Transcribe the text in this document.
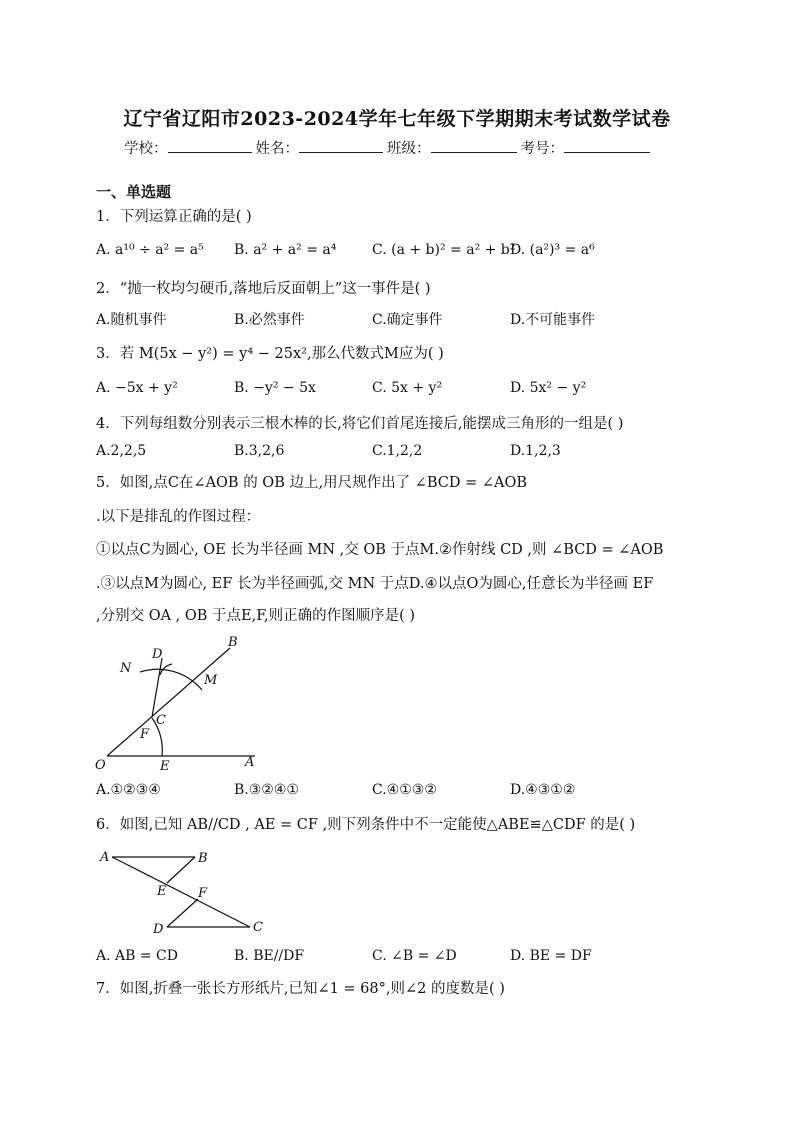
辽宁省辽阳市2023-2024学年七年级下学期期末考试数学试卷
学校：	姓名：	班级：	考号：
一、单选题
1．下列运算正确的是( )
A. a¹⁰ ÷ a² = a⁵ B. a² + a² = a⁴	C. (a + b)² = a² + b²
D. (a²)³ = a⁶
2．“抛一枚均匀硬币,落地后反面朝上”这一事件是( )
A.随机事件	B.必然事件	C.确定事件	D.不可能事件
3．若 M(5x − y²) = y⁴ − 25x²,那么代数式M应为( )
A. −5x + y²	B. −y² − 5x	C. 5x + y²	D. 5x² − y²
4．下列每组数分别表示三根木棒的长,将它们首尾连接后,能摆成三角形的一组是( )
A.2,2,5	B.3,2,6	C.1,2,2	D.1,2,3
5．如图,点C在∠AOB 的 OB 边上,用尺规作出了 ∠BCD = ∠AOB
.以下是排乱的作图过程：
①以点C为圆心, OE 长为半径画 MN ,交 OB 于点M.②作射线 CD ,则 ∠BCD = ∠AOB
.③以点M为圆心, EF 长为半径画弧,交 MN 于点D.④以点O为圆心,任意长为半径画 EF
,分别交 OA , OB 于点E,F,则正确的作图顺序是( )
B
N
D
M
C
F
O	E	A
A.①②③④	B.③②④①	C.④①③②	D.④③①②
6．如图,已知 AB//CD , AE = CF ,则下列条件中不一定能使△ABE≌△CDF 的是( )
A	B
E F
D	C
A. AB = CD	B. BE//DF	C. ∠B = ∠D	D. BE = DF
7．如图,折叠一张长方形纸片,已知∠1 = 68°,则∠2 的度数是( )
